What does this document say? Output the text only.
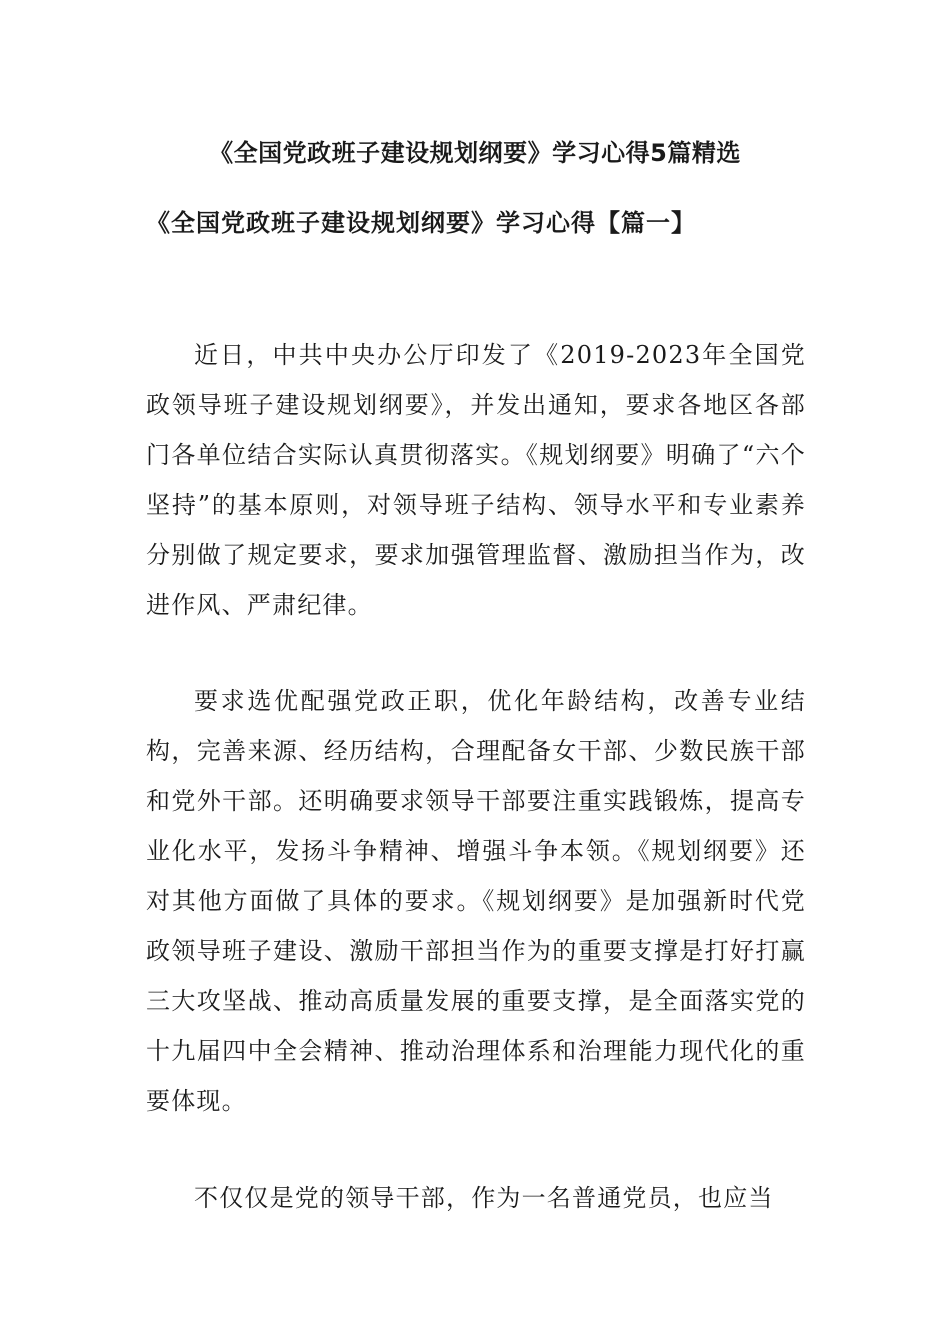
《全国党政班子建设规划纲要》学习心得5篇精选
《全国党政班子建设规划纲要》学习心得【篇一】

近日，中共中央办公厅印发了《2019-2023年全国党政领导班子建设规划纲要》，并发出通知，要求各地区各部门各单位结合实际认真贯彻落实。《规划纲要》明确了“六个坚持”的基本原则，对领导班子结构、领导水平和专业素养分别做了规定要求，要求加强管理监督、激励担当作为，改进作风、严肃纪律。

要求选优配强党政正职，优化年龄结构，改善专业结构，完善来源、经历结构，合理配备女干部、少数民族干部和党外干部。还明确要求领导干部要注重实践锻炼，提高专业化水平，发扬斗争精神、增强斗争本领。《规划纲要》还对其他方面做了具体的要求。《规划纲要》是加强新时代党政领导班子建设、激励干部担当作为的重要支撑是打好打赢三大攻坚战、推动高质量发展的重要支撑，是全面落实党的十九届四中全会精神、推动治理体系和治理能力现代化的重要体现。

不仅仅是党的领导干部，作为一名普通党员，也应当
